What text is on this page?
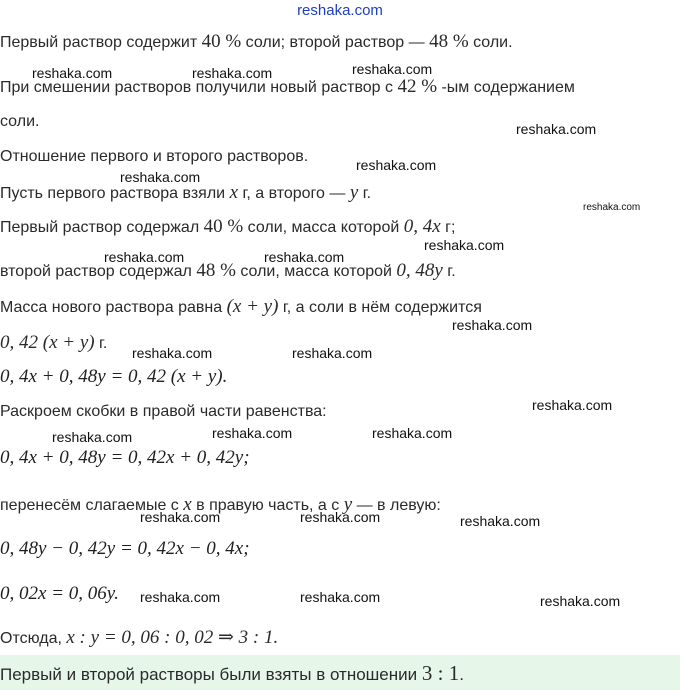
reshaka.com
Первый раствор содержит 40 % соли; второй раствор — 48 % соли.
При смешении растворов получили новый раствор с 42 % -ым содержанием
соли.
Отношение первого и второго растворов.
Пусть первого раствора взяли x г, а второго — y г.
Первый раствор содержал 40 % соли, масса которой 0, 4x г;
второй раствор содержал 48 % соли, масса которой 0, 48y г.
Масса нового раствора равна (x + y) г, а соли в нём содержится
0, 42 (x + y) г.
0, 4x + 0, 48y = 0, 42 (x + y).
Раскроем скобки в правой части равенства:
0, 4x + 0, 48y = 0, 42x + 0, 42y;
перенесём слагаемые с x в правую часть, а с y — в левую:
0, 48y − 0, 42y = 0, 42x − 0, 4x;
0, 02x = 0, 06y.
Отсюда, x : y = 0, 06 : 0, 02 ⇒ 3 : 1.
Первый и второй растворы были взяты в отношении 3 : 1.
reshaka.com	reshaka.com	reshaka.com
reshaka.com
reshaka.com
reshaka.com
reshaka.com
reshaka.com
reshaka.com	reshaka.com
reshaka.com
reshaka.com	reshaka.com
reshaka.com
reshaka.com	reshaka.com
reshaka.com
reshaka.com	reshaka.com	reshaka.com
reshaka.com	reshaka.com	reshaka.com
